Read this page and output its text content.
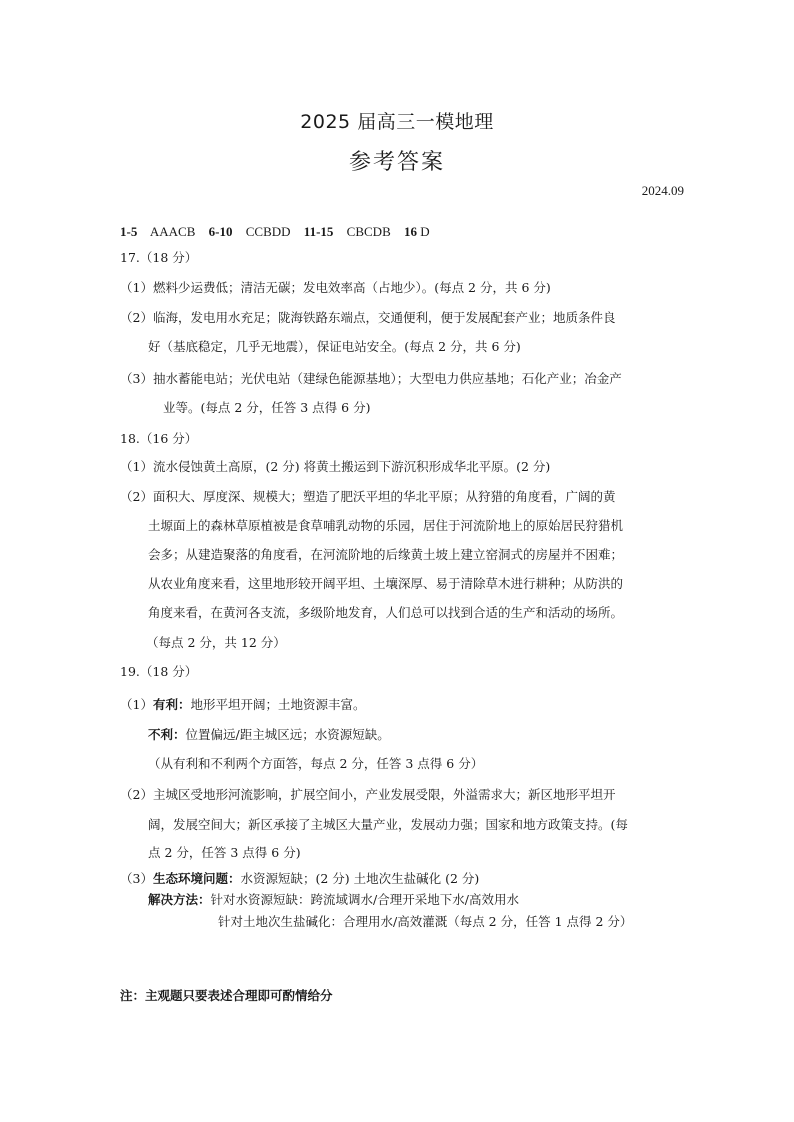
2025 届高三一模地理
参考答案
2024.09
1-5 AAACB 6-10 CCBDD 11-15 CBCDB 16 D
17.（18 分）
（1）燃料少运费低；清洁无碳；发电效率高（占地少）。(每点 2 分，共 6 分)
（2）临海，发电用水充足；陇海铁路东端点，交通便利，便于发展配套产业；地质条件良
好（基底稳定，几乎无地震），保证电站安全。(每点 2 分，共 6 分)
（3）抽水蓄能电站；光伏电站（建绿色能源基地）；大型电力供应基地；石化产业；冶金产
业等。(每点 2 分，任答 3 点得 6 分)
18.（16 分）
（1）流水侵蚀黄土高原，(2 分) 将黄土搬运到下游沉积形成华北平原。(2 分)
（2）面积大、厚度深、规模大；塑造了肥沃平坦的华北平原；从狩猎的角度看，广阔的黄
土塬面上的森林草原植被是食草哺乳动物的乐园，居住于河流阶地上的原始居民狩猎机
会多；从建造聚落的角度看，在河流阶地的后缘黄土坡上建立窑洞式的房屋并不困难；
从农业角度来看，这里地形较开阔平坦、土壤深厚、易于清除草木进行耕种；从防洪的
角度来看，在黄河各支流，多级阶地发育，人们总可以找到合适的生产和活动的场所。
（每点 2 分，共 12 分）
19.（18 分）
（1）有利：地形平坦开阔；土地资源丰富。
不利：位置偏远/距主城区远；水资源短缺。
（从有利和不利两个方面答，每点 2 分，任答 3 点得 6 分）
（2）主城区受地形河流影响，扩展空间小，产业发展受限，外溢需求大；新区地形平坦开
阔，发展空间大；新区承接了主城区大量产业，发展动力强；国家和地方政策支持。(每
点 2 分，任答 3 点得 6 分)
（3）生态环境问题：水资源短缺；(2 分) 土地次生盐碱化 (2 分)
解决方法：针对水资源短缺：跨流域调水/合理开采地下水/高效用水
针对土地次生盐碱化：合理用水/高效灌溉（每点 2 分，任答 1 点得 2 分）
注：主观题只要表述合理即可酌情给分
